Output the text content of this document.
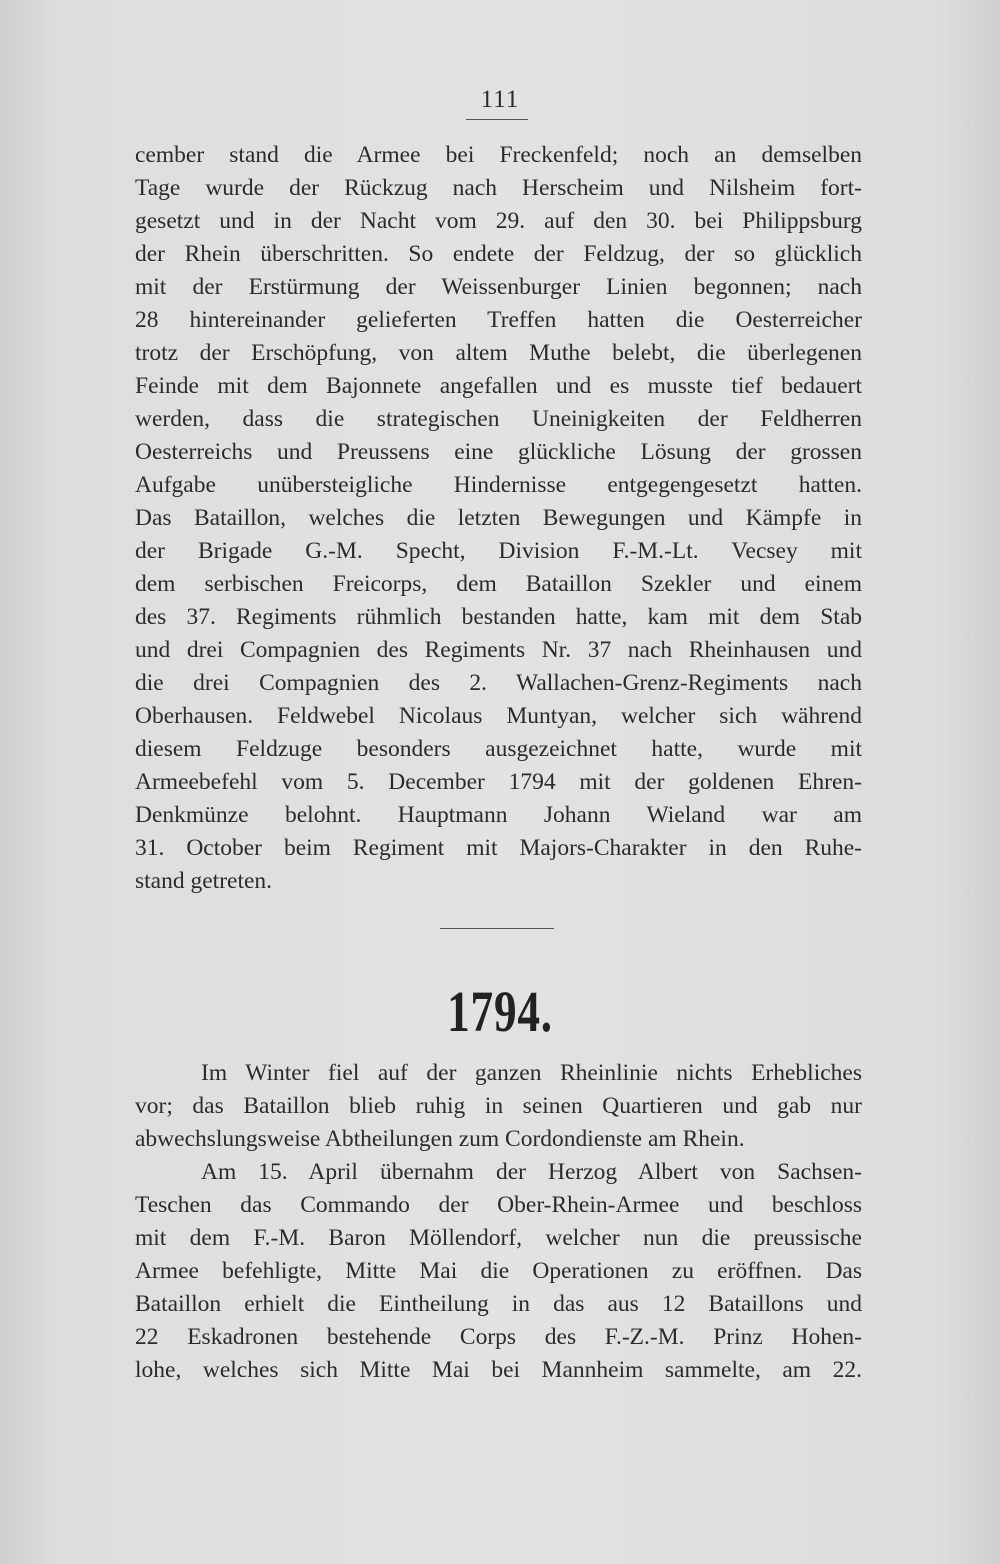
111
cember stand die Armee bei Freckenfeld; noch an demselben
Tage wurde der Rückzug nach Herscheim und Nilsheim fort-
gesetzt und in der Nacht vom 29. auf den 30. bei Philippsburg
der Rhein überschritten. So endete der Feldzug, der so glücklich
mit der Erstürmung der Weissenburger Linien begonnen; nach
28 hintereinander gelieferten Treffen hatten die Oesterreicher
trotz der Erschöpfung, von altem Muthe belebt, die überlegenen
Feinde mit dem Bajonnete angefallen und es musste tief bedauert
werden, dass die strategischen Uneinigkeiten der Feldherren
Oesterreichs und Preussens eine glückliche Lösung der grossen
Aufgabe unübersteigliche Hindernisse entgegengesetzt hatten.
Das Bataillon, welches die letzten Bewegungen und Kämpfe in
der Brigade G.-M. Specht, Division F.-M.-Lt. Vecsey mit
dem serbischen Freicorps, dem Bataillon Szekler und einem
des 37. Regiments rühmlich bestanden hatte, kam mit dem Stab
und drei Compagnien des Regiments Nr. 37 nach Rheinhausen und
die drei Compagnien des 2. Wallachen-Grenz-Regiments nach
Oberhausen. Feldwebel Nicolaus Muntyan, welcher sich während
diesem Feldzuge besonders ausgezeichnet hatte, wurde mit
Armeebefehl vom 5. December 1794 mit der goldenen Ehren-
Denkmünze belohnt. Hauptmann Johann Wieland war am
31. October beim Regiment mit Majors-Charakter in den Ruhe-
stand getreten.
1794.
Im Winter fiel auf der ganzen Rheinlinie nichts Erhebliches
vor; das Bataillon blieb ruhig in seinen Quartieren und gab nur
abwechslungsweise Abtheilungen zum Cordondienste am Rhein.
Am 15. April übernahm der Herzog Albert von Sachsen-
Teschen das Commando der Ober-Rhein-Armee und beschloss
mit dem F.-M. Baron Möllendorf, welcher nun die preussische
Armee befehligte, Mitte Mai die Operationen zu eröffnen. Das
Bataillon erhielt die Eintheilung in das aus 12 Bataillons und
22 Eskadronen bestehende Corps des F.-Z.-M. Prinz Hohen-
lohe, welches sich Mitte Mai bei Mannheim sammelte, am 22.
